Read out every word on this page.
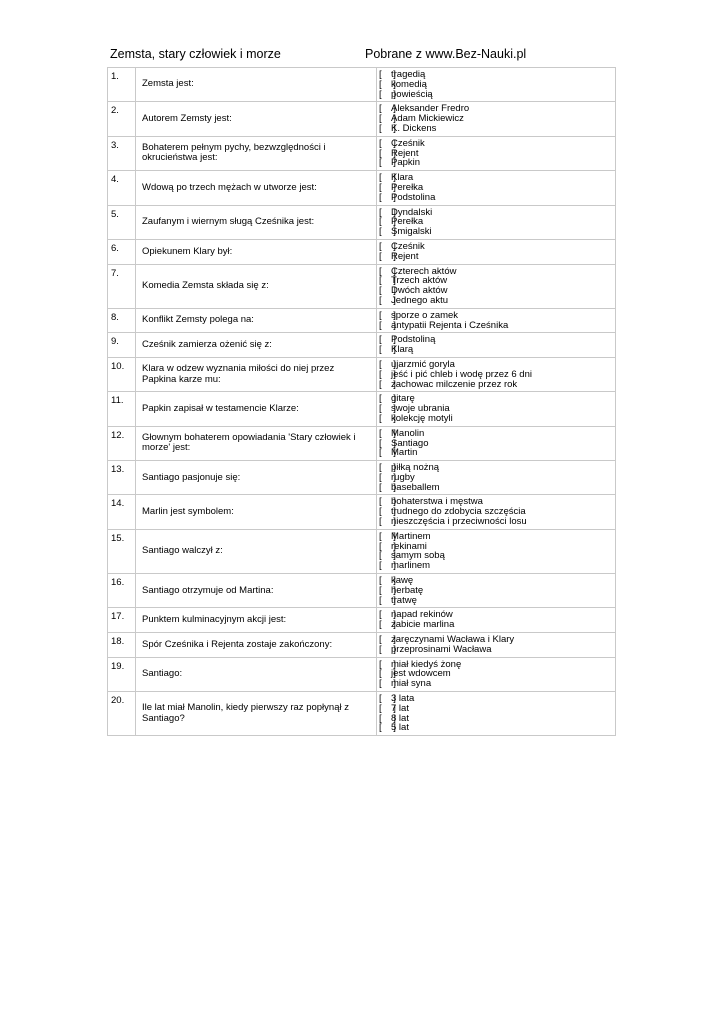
Zemsta, stary człowiek i morze	Pobrane z www.Bez-Nauki.pl
1.	Zemsta jest:	
[ ]tragedią
[ ]komedią
[ ]powieścią

2.	Autorem Zemsty jest:	
[ ]Aleksander Fredro
[ ]Adam Mickiewicz
[ ]K. Dickens

3.	Bohaterem pełnym pychy, bezwzględności i okrucieństwa jest:	
[ ]Cześnik
[ ]Rejent
[ ]Papkin

4.	Wdową po trzech mężach w utworze jest:	
[ ]Klara
[ ]Perełka
[ ]Podstolina

5.	Zaufanym i wiernym sługą Cześnika jest:	
[ ]Dyndalski
[ ]Perełka
[ ]Śmigalski

6.	Opiekunem Klary był:	
[ ]Cześnik
[ ]Rejent

7.	Komedia Zemsta składa się z:	
[ ]Czterech aktów
[ ]Trzech aktów
[ ]Dwóch aktów
[ ]Jednego aktu

8.	Konflikt Zemsty polega na:	
[ ]sporze o zamek
[ ]antypatii Rejenta i Cześnika

9.	Cześnik zamierza ożenić się z:	
[ ]Podstoliną
[ ]Klarą

10.	Klara w odzew wyznania miłości do niej przez Papkina karze mu:	
[ ]ujarzmić goryla
[ ]jeść i pić chleb i wodę przez 6 dni
[ ]zachowac milczenie przez rok

11.	Papkin zapisał w testamencie Klarze:	
[ ]gitarę
[ ]swoje ubrania
[ ]kolekcję motyli

12.	Głownym bohaterem opowiadania 'Stary człowiek i morze' jest:	
[ ]Manolin
[ ]Santiago
[ ]Martin

13.	Santiago pasjonuje się:	
[ ]piłką nożną
[ ]rugby
[ ]baseballem

14.	Marlin jest symbolem:	
[ ]bohaterstwa i męstwa
[ ]trudnego do zdobycia szczęścia
[ ]nieszczęścia i przeciwności losu

15.	Santiago walczył z:	
[ ]Martinem
[ ]rekinami
[ ]samym sobą
[ ]marlinem

16.	Santiago otrzymuje od Martina:	
[ ]kawę
[ ]herbatę
[ ]tratwę

17.	Punktem kulminacyjnym akcji jest:	
[ ]napad rekinów
[ ]zabicie marlina

18.	Spór Cześnika i Rejenta zostaje zakończony:	
[ ]zaręczynami Wacława i Klary
[ ]przeprosinami Wacława

19.	Santiago:	
[ ]miał kiedyś żonę
[ ]jest wdowcem
[ ]miał syna

20.	Ile lat miał Manolin, kiedy pierwszy raz popłynął z Santiago?	
[ ]3 lata
[ ]7 lat
[ ]8 lat
[ ]5 lat
